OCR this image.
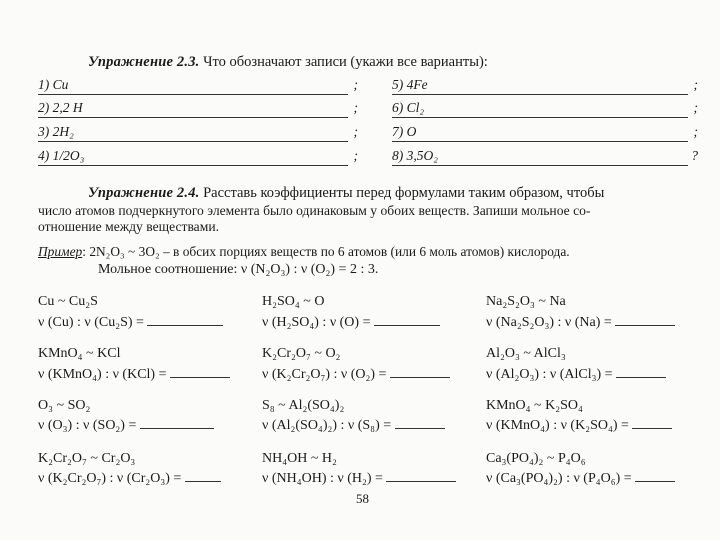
Упражнение 2.3. Что обозначают записи (укажи все варианты):
1) Cu	;
2) 2,2 H	;
3) 2H₂	;
4) 1/2O₃	;
5) 4Fe	;
6) Cl₂	;
7) O	;
8) 3,5O₂	?
Упражнение 2.4. Расставь коэффициенты перед формулами таким образом, чтобы
число атомов подчеркнутого элемента было одинаковым у обоих веществ. Запиши мольное со-
отношение между веществами.
Пример: 2N₂O₃ ~ 3O₂ – в обсих порциях веществ по 6 атомов (или 6 моль атомов) кислорода.
Мольное соотношение: ν (N₂O₃) : ν (O₂) = 2 : 3.
Cu ~ Cu₂S
ν (Cu) : ν (Cu₂S) =
H₂SO₄ ~ O
ν (H₂SO₄) : ν (O) =
Na₂S₂O₃ ~ Na
ν (Na₂S₂O₃) : ν (Na) =
KMnO₄ ~ KCl
ν (KMnO₄) : ν (KCl) =
K₂Cr₂O₇ ~ O₂
ν (K₂Cr₂O₇) : ν (O₂) =
Al₂O₃ ~ AlCl₃
ν (Al₂O₃) : ν (AlCl₃) =
O₃ ~ SO₂
ν (O₃) : ν (SO₂) =
S₈ ~ Al₂(SO₄)₂
ν (Al₂(SO₄)₂) : ν (S₈) =
KMnO₄ ~ K₂SO₄
ν (KMnO₄) : ν (K₂SO₄) =
K₂Cr₂O₇ ~ Cr₂O₃
ν (K₂Cr₂O₇) : ν (Cr₂O₃) =
NH₄OH ~ H₂
ν (NH₄OH) : ν (H₂) =
Ca₃(PO₄)₂ ~ P₄O₆
ν (Ca₃(PO₄)₂) : ν (P₄O₆) =
58
